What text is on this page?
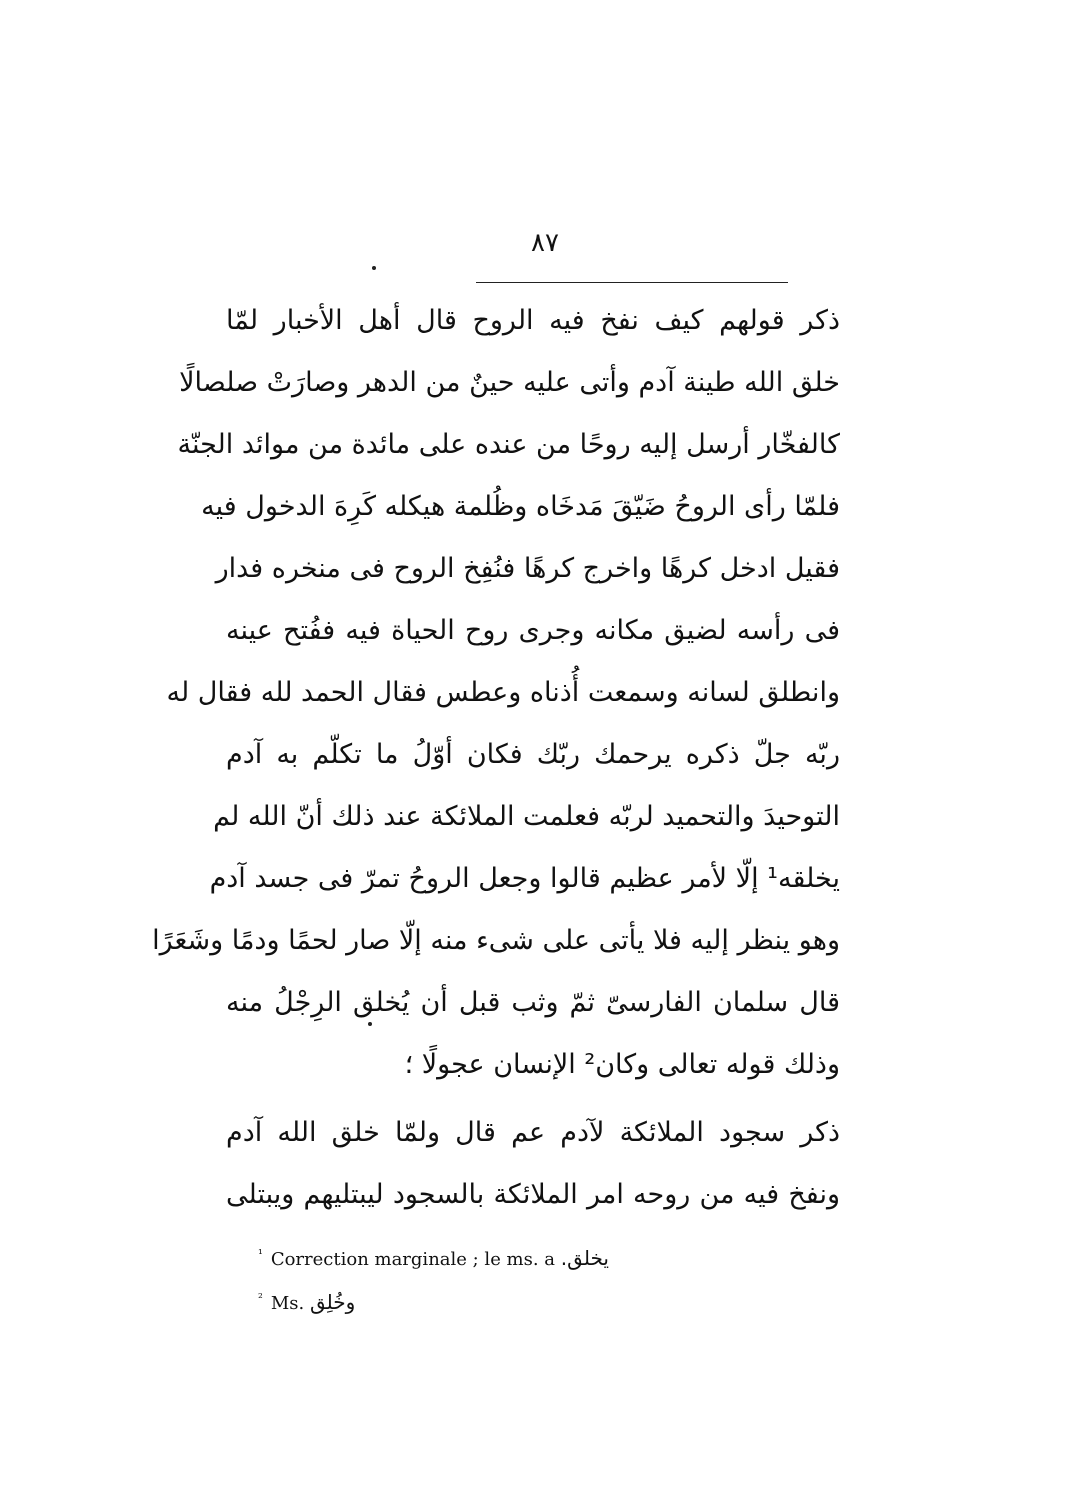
٨٧
ذكر قولهم كيف نفخ فيه الروح قال أهل الأخبار لمّا
خلق الله طينة آدم وأتى عليه حينٌ من الدهر وصارَتْ صلصالًا
كالفخّار أرسل إليه روحًا من عنده على مائدة من موائد الجنّة
فلمّا رأى الروحُ ضَيّقَ مَدخَاه وظُلمة هيكله كَرِهَ الدخول فيه
فقيل ادخل كرهًا واخرج كرهًا فنُفِخ الروح فى منخره فدار
فى رأسه لضيق مكانه وجرى روح الحياة فيه ففُتح عينه
وانطلق لسانه وسمعت أُذناه وعطس فقال الحمد لله فقال له
ربّه جلّ ذكره يرحمك ربّك فكان أوّلُ ما تكلّم به آدم
التوحيدَ والتحميد لربّه فعلمت الملائكة عند ذلك أنّ الله لم
يخلقه¹ إلّا لأمر عظيم قالوا وجعل الروحُ تمرّ فى جسد آدم
وهو ينظر إليه فلا يأتى على شىء منه إلّا صار لحمًا ودمًا وشَعَرًا
قال سلمان الفارسىّ ثمّ وثب قبل أن يُخلق الرِجْلُ منه
وذلك قوله تعالى وكان² الإنسان عجولًا ؛
ذكر سجود الملائكة لآدم عم قال ولمّا خلق الله آدم
ونفخ فيه من روحه امر الملائكة بالسجود ليبتليهم ويبتلى
$^{^1}$ Correction marginale ; le ms. a يخلق.
$^{^2}$ Ms. وخُلِق
